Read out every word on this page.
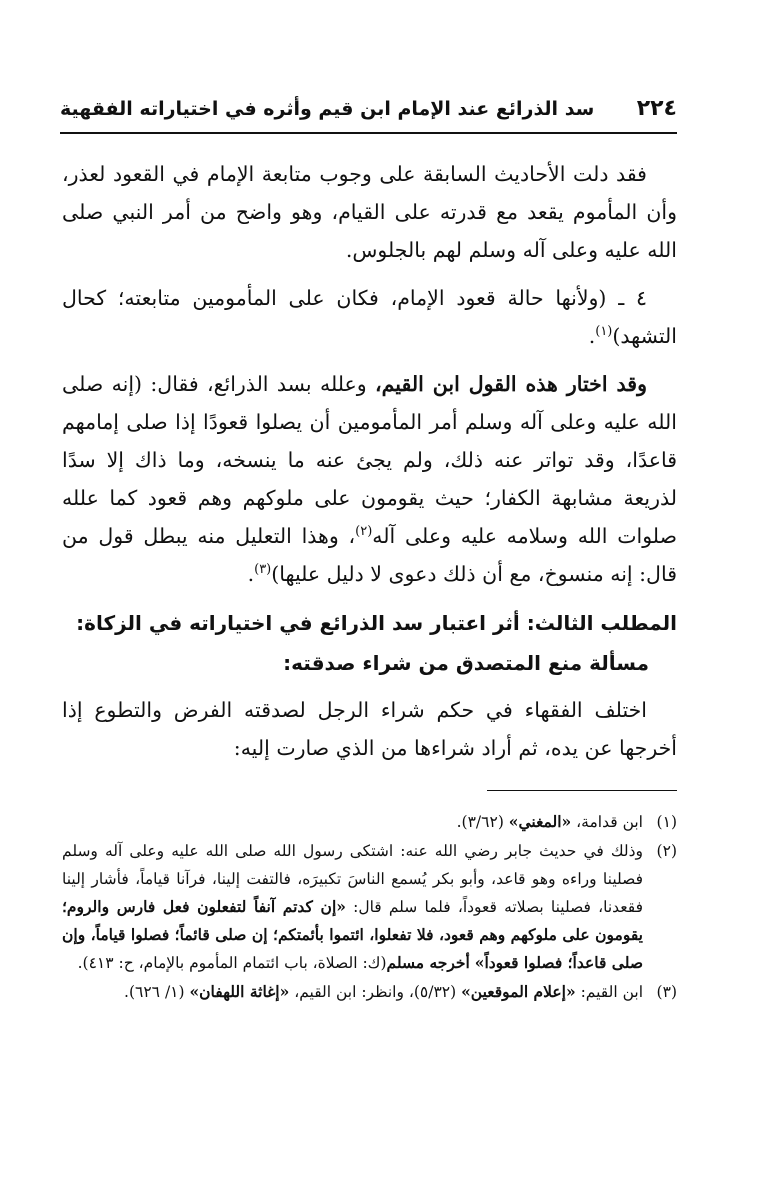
٢٢٤
سد الذرائع عند الإمام ابن قيم وأثره في اختياراته الفقهية

فقد دلت الأحاديث السابقة على وجوب متابعة الإمام في القعود لعذر، وأن المأموم يقعد مع قدرته على القيام، وهو واضح من أمر النبي صلى الله عليه وعلى آله وسلم لهم بالجلوس.

٤ ـ (ولأنها حالة قعود الإمام، فكان على المأمومين متابعته؛ كحال التشهد)$^{(١)}$.

وقد اختار هذه القول ابن القيم، وعلله بسد الذرائع، فقال: (إنه صلى الله عليه وعلى آله وسلم أمر المأمومين أن يصلوا قعودًا إذا صلى إمامهم قاعدًا، وقد تواتر عنه ذلك، ولم يجئ عنه ما ينسخه، وما ذاك إلا سدًا لذريعة مشابهة الكفار؛ حيث يقومون على ملوكهم وهم قعود كما علله صلوات الله وسلامه عليه وعلى آله$^{(٢)}$، وهذا التعليل منه يبطل قول من قال: إنه منسوخ، مع أن ذلك دعوى لا دليل عليها)$^{(٣)}$.

المطلب الثالث: أثر اعتبار سد الذرائع في اختياراته في الزكاة:
مسألة منع المتصدق من شراء صدقته:

اختلف الفقهاء في حكم شراء الرجل لصدقته الفرض والتطوع إذا أخرجها عن يده، ثم أراد شراءها من الذي صارت إليه:

(١)
ابن قدامة، «المغني» (٣/٦٢).
(٢)
وذلك في حديث جابر رضي الله عنه: اشتكى رسول الله صلى الله عليه وعلى آله وسلم فصلينا وراءه وهو قاعد، وأبو بكر يُسمع الناسَ تكبيرَه، فالتفت إلينا، فرآنا قياماً، فأشار إلينا فقعدنا، فصلينا بصلاته قعوداً، فلما سلم قال: «إن كدتم آنفاً لتفعلون فعل فارس والروم؛ يقومون على ملوكهم وهم قعود، فلا تفعلوا، ائتموا بأئمتكم؛ إن صلى قائماً؛ فصلوا قياماً، وإن صلى قاعداً؛ فصلوا قعوداً» أخرجه مسلم(ك: الصلاة، باب ائتمام المأموم بالإمام، ح: ٤١٣).
(٣)
ابن القيم: «إعلام الموقعين» (٥/٣٢)، وانظر: ابن القيم، «إغاثة اللهفان» (١/ ٦٢٦).
